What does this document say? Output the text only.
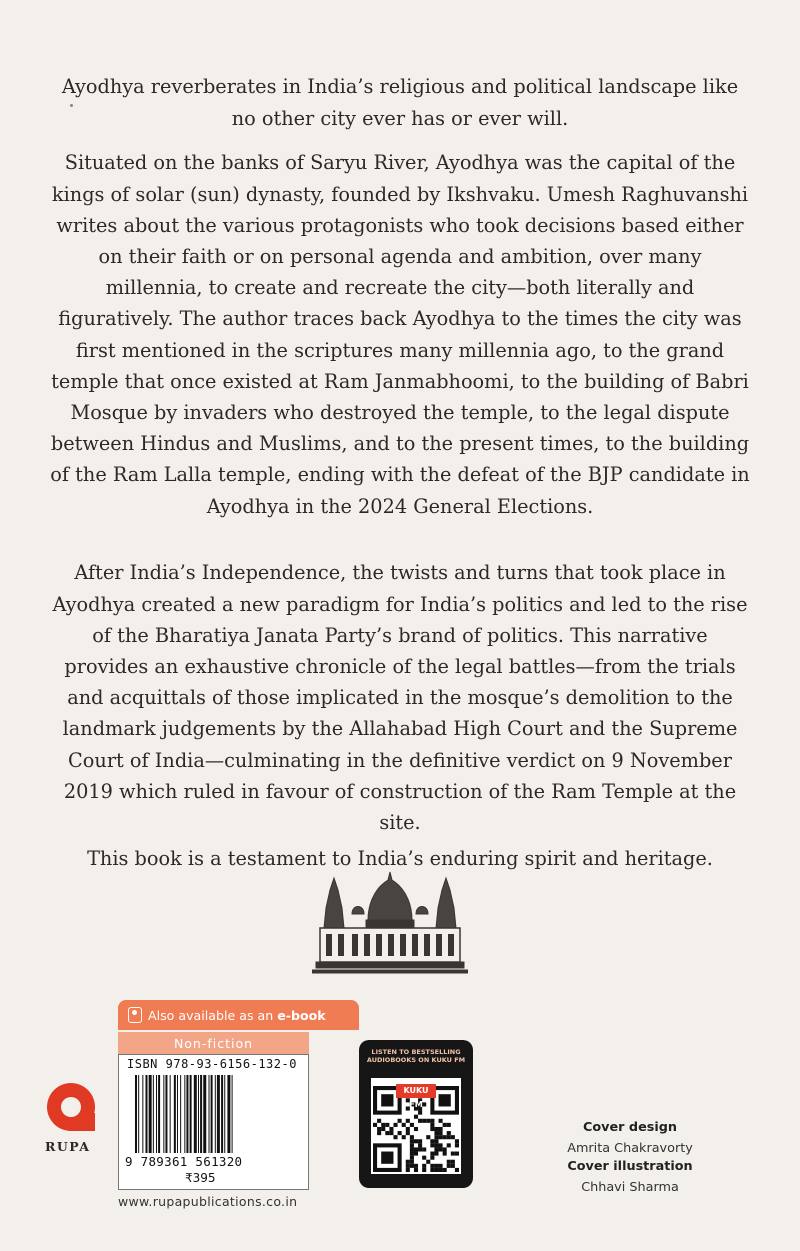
Ayodhya reverberates in India’s religious and political landscape like no other city ever has or ever will.

Situated on the banks of Saryu River, Ayodhya was the capital of the kings of solar (sun) dynasty, founded by Ikshvaku. Umesh Raghuvanshi writes about the various protagonists who took decisions based either on their faith or on personal agenda and ambition, over many millennia, to create and recreate the city—both literally and figuratively. The author traces back Ayodhya to the times the city was first mentioned in the scriptures many millennia ago, to the grand temple that once existed at Ram Janmabhoomi, to the building of Babri Mosque by invaders who destroyed the temple, to the legal dispute between Hindus and Muslims, and to the present times, to the building of the Ram Lalla temple, ending with the defeat of the BJP candidate in Ayodhya in the 2024 General Elections.

After India’s Independence, the twists and turns that took place in Ayodhya created a new paradigm for India’s politics and led to the rise of the Bharatiya Janata Party’s brand of politics. This narrative provides an exhaustive chronicle of the legal battles—from the trials and acquittals of those implicated in the mosque’s demolition to the landmark judgements by the Allahabad High Court and the Supreme Court of India—culminating in the definitive verdict on 9 November 2019 which ruled in favour of construction of the Ram Temple at the site.

This book is a testament to India’s enduring spirit and heritage.

Also available as an e-book
Non-fiction
ISBN 978-93-6156-132-0
9 789361 561320
₹395
www.rupapublications.co.in
RUPA
LISTEN TO BESTSELLING AUDIOBOOKS ON KUKU FM
KUKU FM
Cover design
Amrita Chakravorty
Cover illustration
Chhavi Sharma
